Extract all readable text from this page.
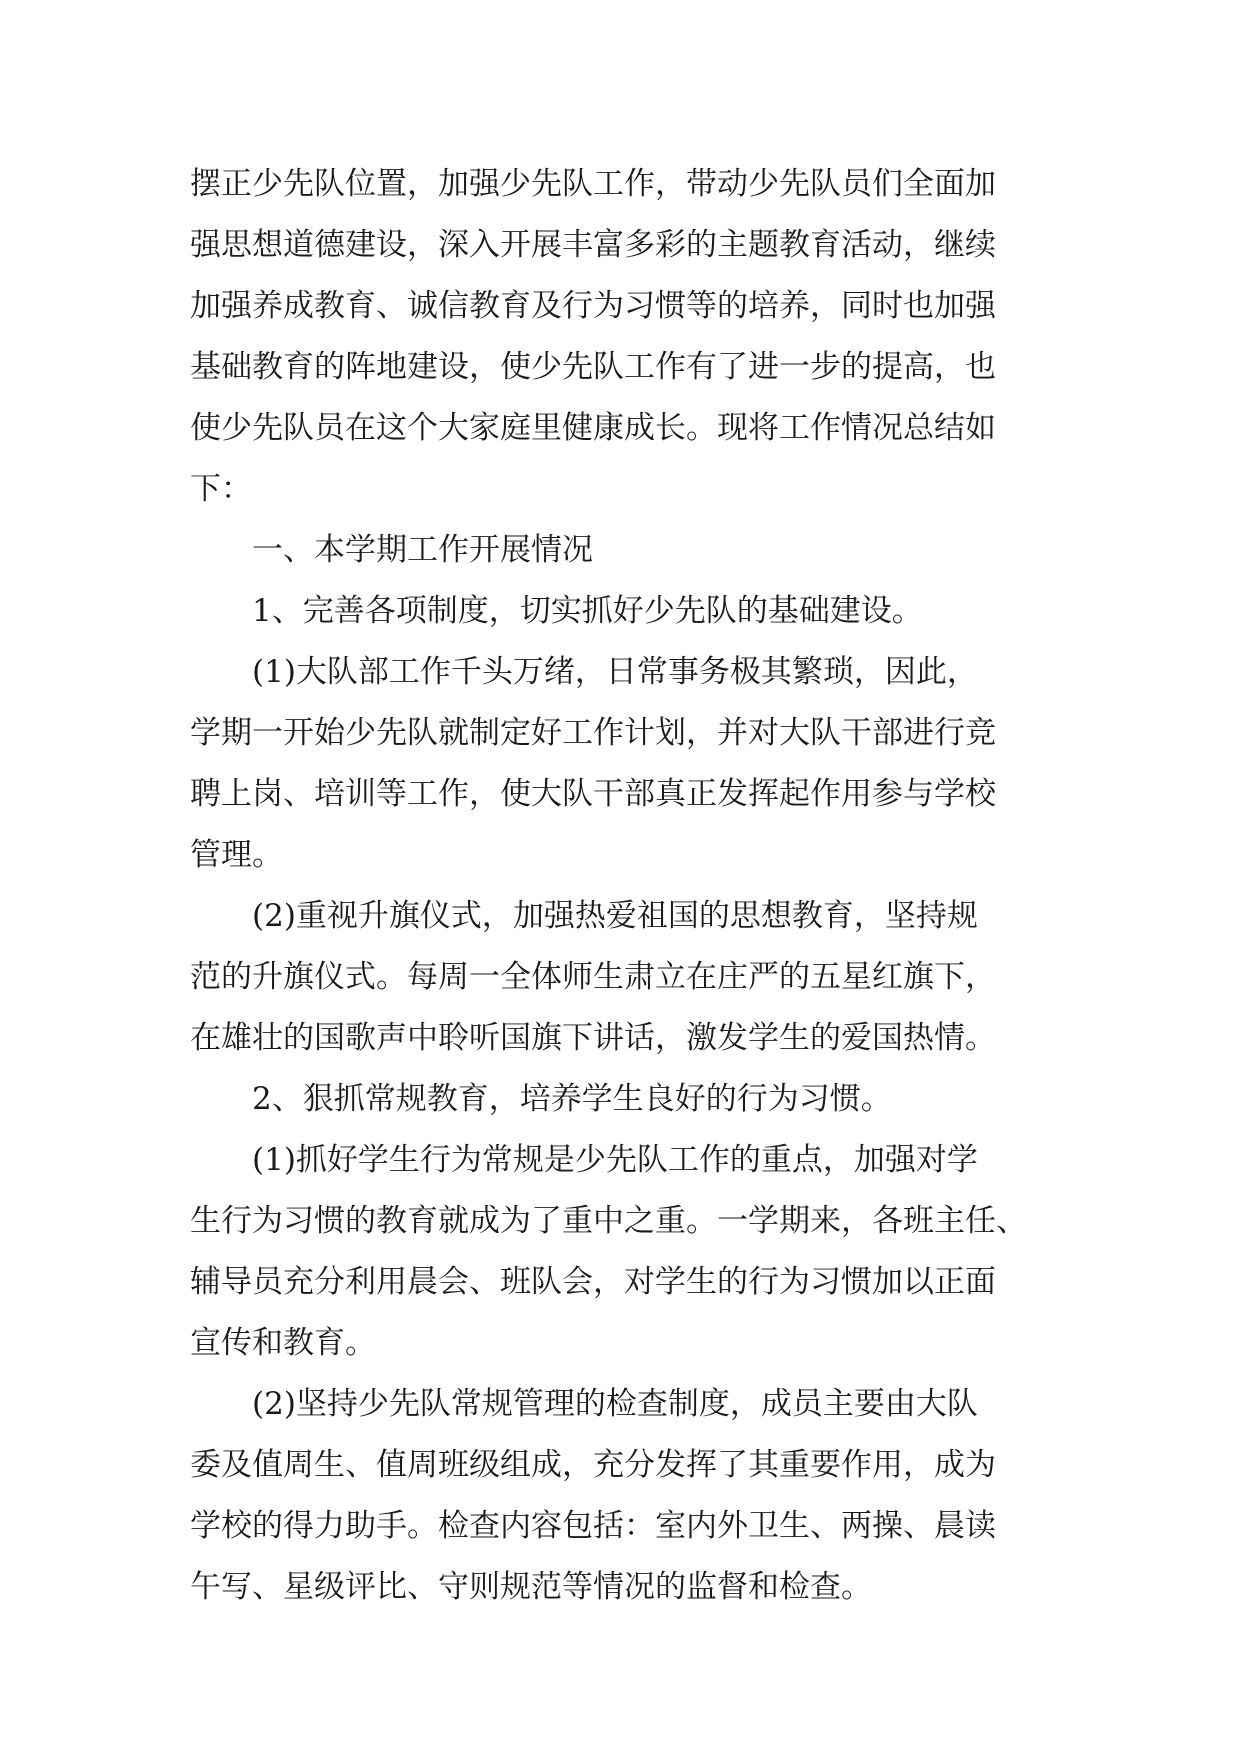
摆正少先队位置，加强少先队工作，带动少先队员们全面加
强思想道德建设，深入开展丰富多彩的主题教育活动，继续
加强养成教育、诚信教育及行为习惯等的培养，同时也加强
基础教育的阵地建设，使少先队工作有了进一步的提高，也
使少先队员在这个大家庭里健康成长。现将工作情况总结如
下：
一、本学期工作开展情况
1、完善各项制度，切实抓好少先队的基础建设。
(1)大队部工作千头万绪，日常事务极其繁琐，因此，
学期一开始少先队就制定好工作计划，并对大队干部进行竞
聘上岗、培训等工作，使大队干部真正发挥起作用参与学校
管理。
(2)重视升旗仪式，加强热爱祖国的思想教育，坚持规
范的升旗仪式。每周一全体师生肃立在庄严的五星红旗下，
在雄壮的国歌声中聆听国旗下讲话，激发学生的爱国热情。
2、狠抓常规教育，培养学生良好的行为习惯。
(1)抓好学生行为常规是少先队工作的重点，加强对学
生行为习惯的教育就成为了重中之重。一学期来，各班主任、
辅导员充分利用晨会、班队会，对学生的行为习惯加以正面
宣传和教育。
(2)坚持少先队常规管理的检查制度，成员主要由大队
委及值周生、值周班级组成，充分发挥了其重要作用，成为
学校的得力助手。检查内容包括：室内外卫生、两操、晨读
午写、星级评比、守则规范等情况的监督和检查。
